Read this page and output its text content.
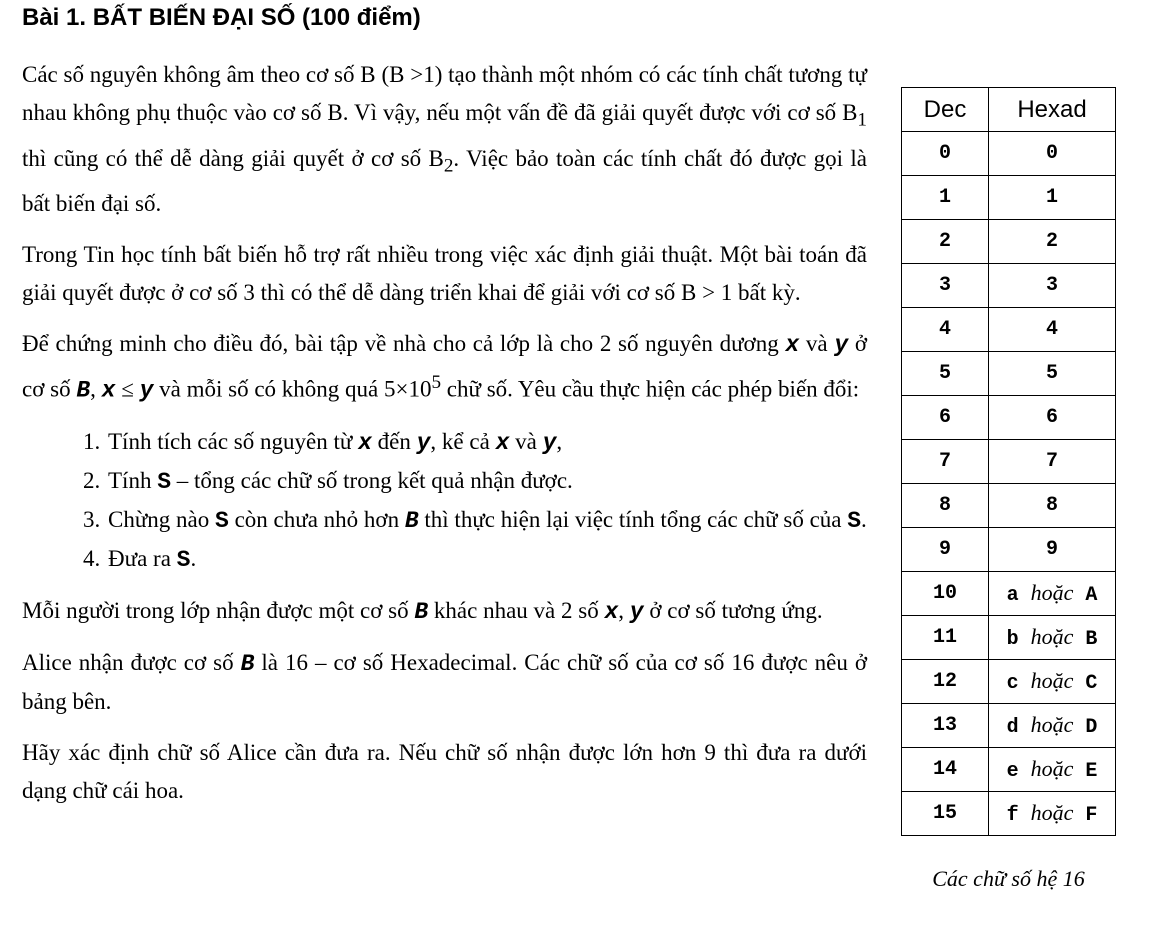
Bài 1. BẤT BIẾN ĐẠI SỐ (100 điểm)

Các số nguyên không âm theo cơ số B (B >1) tạo thành một nhóm có các tính chất tương tự nhau không phụ thuộc vào cơ số B. Vì vậy, nếu một vấn đề đã giải quyết được với cơ số $B_1$ thì cũng có thể dễ dàng giải quyết ở cơ số $B_2$. Việc bảo toàn các tính chất đó được gọi là bất biến đại số.

Trong Tin học tính bất biến hỗ trợ rất nhiều trong việc xác định giải thuật. Một bài toán đã giải quyết được ở cơ số 3 thì có thể dễ dàng triển khai để giải với cơ số B > 1 bất kỳ.

Để chứng minh cho điều đó, bài tập về nhà cho cả lớp là cho 2 số nguyên dương x và y ở cơ số B, x ≤ y và mỗi số có không quá $5\times 10^5$ chữ số. Yêu cầu thực hiện các phép biến đổi:

1. Tính tích các số nguyên từ x đến y, kể cả x và y,
2. Tính S – tổng các chữ số trong kết quả nhận được.
3. Chừng nào S còn chưa nhỏ hơn B thì thực hiện lại việc tính tổng các chữ số của S.
4. Đưa ra S.

Mỗi người trong lớp nhận được một cơ số B khác nhau và 2 số x, y ở cơ số tương ứng.

Alice nhận được cơ số B là 16 – cơ số Hexadecimal. Các chữ số của cơ số 16 được nêu ở bảng bên.

Hãy xác định chữ số Alice cần đưa ra. Nếu chữ số nhận được lớn hơn 9 thì đưa ra dưới dạng chữ cái hoa.

Dec	Hexad
0	0
1	1
2	2
3	3
4	4
5	5
6	6
7	7
8	8
9	9
10	a hoặc A
11	b hoặc B
12	c hoặc C
13	d hoặc D
14	e hoặc E
15	f hoặc F
Các chữ số hệ 16
